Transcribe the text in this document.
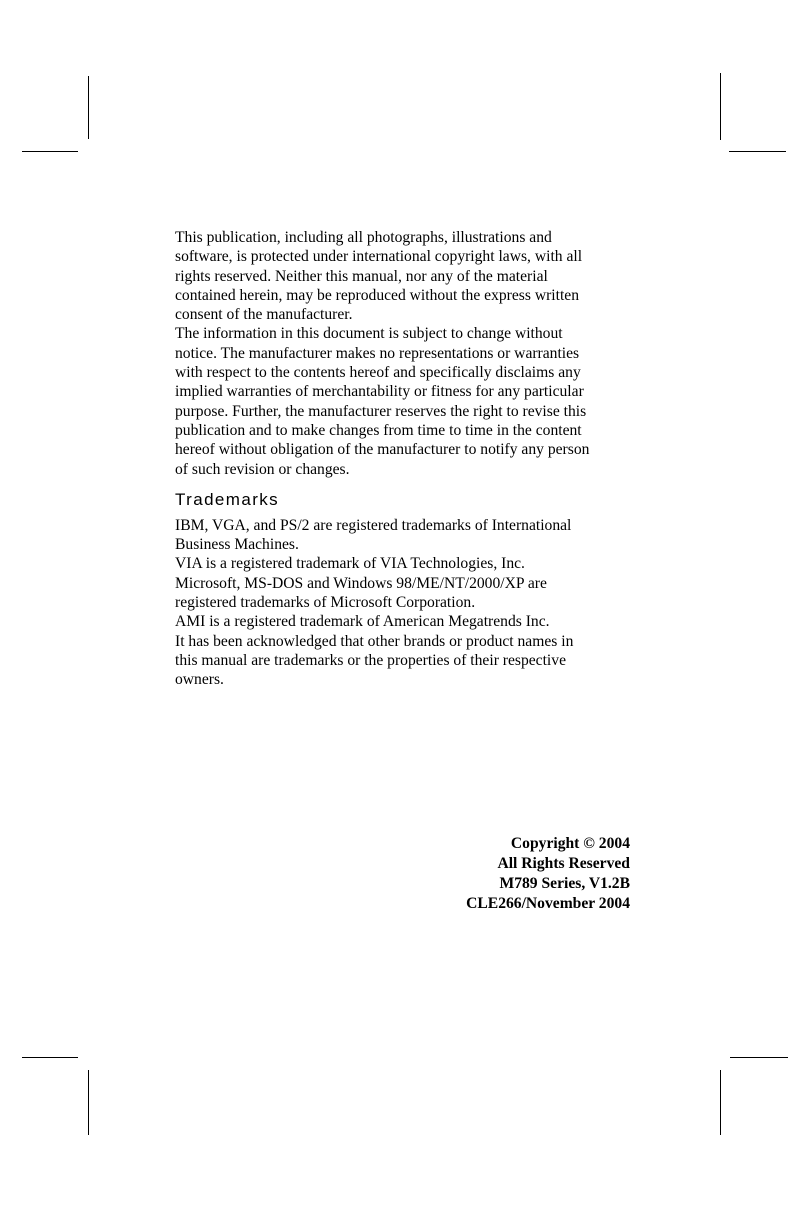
This publication, including all photographs, illustrations and
software, is protected under international copyright laws, with all
rights reserved. Neither this manual, nor any of the material
contained herein, may be reproduced without the express written
consent of the manufacturer.

The information in this document is subject to change without
notice. The manufacturer makes no representations or warranties
with respect to the contents hereof and specifically disclaims any
implied warranties of merchantability or fitness for any particular
purpose. Further, the manufacturer reserves the right to revise this
publication and to make changes from time to time in the content
hereof without obligation of the manufacturer to notify any person
of such revision or changes.

Trademarks

IBM, VGA, and PS/2 are registered trademarks of International
Business Machines.

VIA is a registered trademark of VIA Technologies, Inc.

Microsoft, MS-DOS and Windows 98/ME/NT/2000/XP are
registered trademarks of Microsoft Corporation.

AMI is a registered trademark of American Megatrends Inc.

It has been acknowledged that other brands or product names in
this manual are trademarks or the properties of their respective
owners.

Copyright © 2004
All Rights Reserved
M789 Series, V1.2B
CLE266/November 2004
